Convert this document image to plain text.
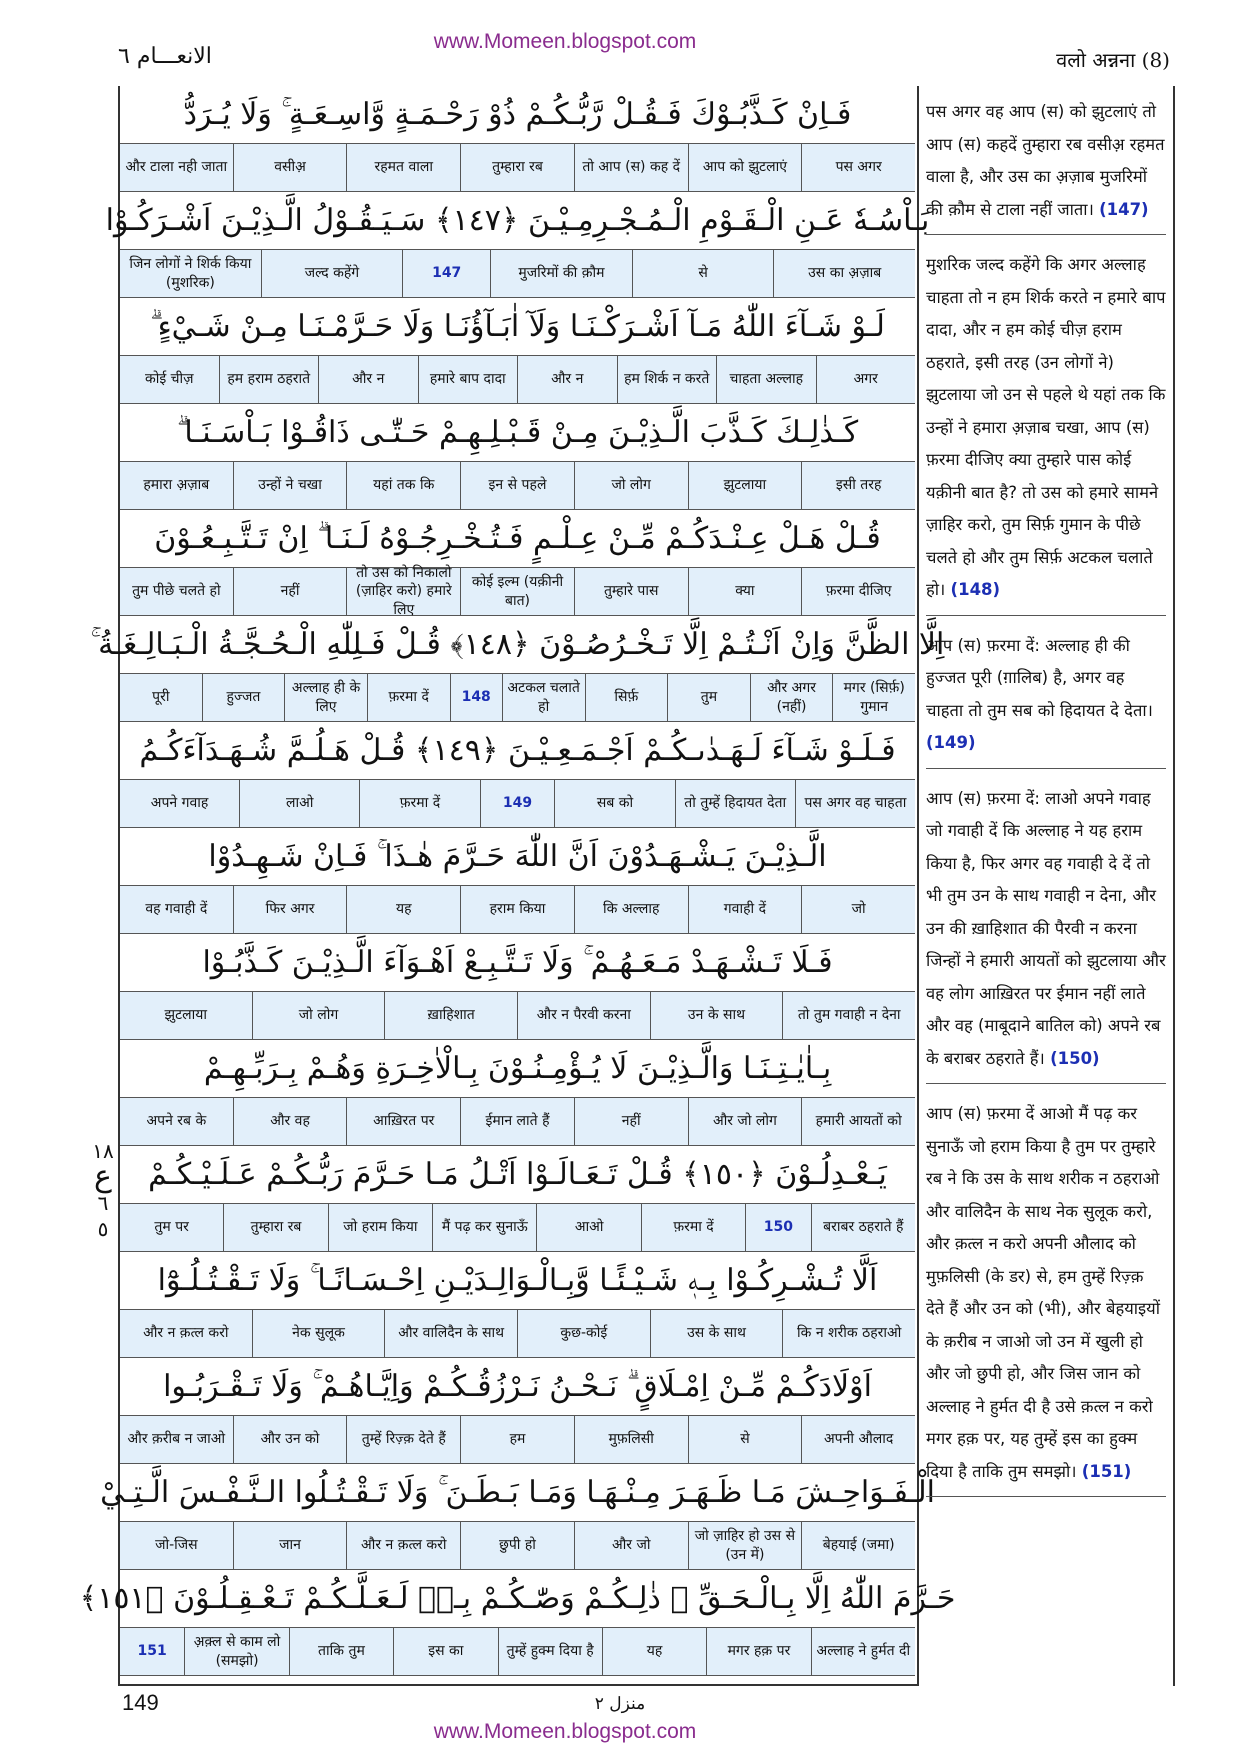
www.Momeen.blogspot.com
الانعـــام ٦	वलो अन्नना (8)
فَـاِنْ كَـذَّبُـوْكَ فَـقُـلْ رَّبُّـكُـمْ ذُوْ رَحْـمَـةٍ وَّاسِـعَـةٍ ۚ وَلَا يُـرَدُّ
पस अगर
आप को झुटलाएं
तो आप (स) कह दें
तुम्हारा रब
रहमत वाला
वसीअ़
और टाला नही जाता
بَـاْسُـهٗ عَـنِ الْـقَـوْمِ الْـمُـجْـرِمِـيْـنَ ﴿١٤٧﴾ سَـيَـقُـوْلُ الَّـذِيْـنَ اَشْـرَكُـوْا
उस का अ़ज़ाब
से
मुजरिमों की क़ौम
147
जल्द कहेंगे
जिन लोगों ने शिर्क किया (मुशरिक)
لَـوْ شَـآءَ اللّٰهُ مَـآ اَشْـرَكْـنَـا وَلَآ اٰبَـآؤُنَـا وَلَا حَـرَّمْـنَـا مِـنْ شَـيْءٍ ۗ
अगर
चाहता अल्लाह
हम शिर्क न करते
और न
हमारे बाप दादा
और न
हम हराम ठहराते
कोई चीज़
كَـذٰلِـكَ كَـذَّبَ الَّـذِيْـنَ مِـنْ قَـبْـلِـهِـمْ حَـتّٰـى ذَاقُـوْا بَـاْسَـنَـا ۗ
इसी तरह
झुटलाया
जो लोग
इन से पहले
यहां तक कि
उन्हों ने चखा
हमारा अ़ज़ाब
قُـلْ هَـلْ عِـنْـدَكُـمْ مِّـنْ عِـلْـمٍ فَـتُـخْـرِجُـوْهُ لَـنَـا ۗ اِنْ تَـتَّـبِـعُـوْنَ
फ़रमा दीजिए
क्या
तुम्हारे पास
कोई इल्म (यक़ीनी बात)
तो उस को निकालो (ज़ाहिर करो) हमारे लिए
नहीं
तुम पीछे चलते हो
اِلَّا الظَّنَّ وَاِنْ اَنْـتُـمْ اِلَّا تَـخْـرُصُـوْنَ ﴿١٤٨﴾ قُـلْ فَـلِلّٰهِ الْـحُـجَّـةُ الْـبَـالِـغَـةُ ۚ
मगर (सिर्फ़) गुमान
और अगर (नहीं)
तुम
सिर्फ़
अटकल चलाते हो
148
फ़रमा दें
अल्लाह ही के लिए
हुज्जत
पूरी
فَـلَـوْ شَـآءَ لَـهَـدٰىـكُـمْ اَجْـمَـعِـيْـنَ ﴿١٤٩﴾ قُـلْ هَـلُـمَّ شُـهَـدَآءَكُـمُ
पस अगर वह चाहता
तो तुम्हें हिदायत देता
सब को
149
फ़रमा दें
लाओ
अपने गवाह
الَّـذِيْـنَ يَـشْـهَـدُوْنَ اَنَّ اللّٰهَ حَـرَّمَ هٰـذَا ۚ فَـاِنْ شَـهِـدُوْا
जो
गवाही दें
कि अल्लाह
हराम किया
यह
फिर अगर
वह गवाही दें
فَـلَا تَـشْـهَـدْ مَـعَـهُـمْ ۚ وَلَا تَـتَّـبِـعْ اَهْـوَآءَ الَّـذِيْـنَ كَـذَّبُـوْا
तो तुम गवाही न देना
उन के साथ
और न पैरवी करना
ख़ाहिशात
जो लोग
झुटलाया
بِـاٰيٰـتِـنَـا وَالَّـذِيْـنَ لَا يُـؤْمِـنُـوْنَ بِـالْاٰخِـرَةِ وَهُـمْ بِـرَبِّـهِـمْ
हमारी आयतों को
और जो लोग
नहीं
ईमान लाते हैं
आख़िरत पर
और वह
अपने रब के
يَـعْـدِلُـوْنَ ﴿١٥٠﴾ قُـلْ تَـعَـالَـوْا اَتْـلُ مَـا حَـرَّمَ رَبُّـكُـمْ عَـلَـيْـكُـمْ
बराबर ठहराते हैं
150
फ़रमा दें
आओ
मैं पढ़ कर सुनाऊँ
जो हराम किया
तुम्हारा रब
तुम पर
اَلَّا تُـشْـرِكُـوْا بِـهٖ شَـيْـئًـا وَّبِـالْـوَالِـدَيْـنِ اِحْـسَـانًـا ۚ وَلَا تَـقْـتُـلُـوْٓا
कि न शरीक ठहराओ
उस के साथ
कुछ-कोई
और वालिदैन के साथ
नेक सुलूक
और न क़त्ल करो
اَوْلَادَكُـمْ مِّـنْ اِمْـلَاقٍ ۗ نَـحْـنُ نَـرْزُقُـكُـمْ وَاِيَّـاهُـمْ ۚ وَلَا تَـقْـرَبُـوا
अपनी औलाद
से
मुफ़लिसी
हम
तुम्हें रिज़्क़ देते हैं
और उन को
और क़रीब न जाओ
الْـفَـوَاحِـشَ مَـا ظَـهَـرَ مِـنْـهَـا وَمَـا بَـطَـنَ ۚ وَلَا تَـقْـتُـلُوا الـنَّـفْـسَ الَّـتِـيْ
बेहयाई (जमा)
जो ज़ाहिर हो उस से (उन में)
और जो
छुपी हो
और न क़त्ल करो
जान
जो-जिस
حَـرَّمَ اللّٰهُ اِلَّا بِـالْـحَـقِّ ۗ ذٰلِـكُـمْ وَصّٰـكُـمْ بِـهٖ لَـعَـلَّـكُـمْ تَـعْـقِـلُـوْنَ ﴿١٥١﴾
अल्लाह ने हुर्मत दी
मगर हक़ पर
यह
तुम्हें हुक्म दिया है
इस का
ताकि तुम
अ़क़्ल से काम लो (समझो)
151

पस अगर वह आप (स) को झुटलाएं तो आप (स) कहदें तुम्हारा रब वसीअ़ रहमत वाला है, और उस का अ़ज़ाब मुजरिमों की क़ौम से टाला नहीं जाता। (147)

मुशरिक जल्द कहेंगे कि अगर अल्लाह चाहता तो न हम शिर्क करते न हमारे बाप दादा, और न हम कोई चीज़ हराम ठहराते, इसी तरह (उन लोगों ने) झुटलाया जो उन से पहले थे यहां तक कि उन्हों ने हमारा अ़ज़ाब चखा, आप (स) फ़रमा दीजिए क्या तुम्हारे पास कोई यक़ीनी बात है? तो उस को हमारे सामने ज़ाहिर करो, तुम सिर्फ़ गुमान के पीछे चलते हो और तुम सिर्फ़ अटकल चलाते हो। (148)

आप (स) फ़रमा दें: अल्लाह ही की हुज्जत पूरी (ग़ालिब) है, अगर वह चाहता तो तुम सब को हिदायत दे देता। (149)

आप (स) फ़रमा दें: लाओ अपने गवाह जो गवाही दें कि अल्लाह ने यह हराम किया है, फिर अगर वह गवाही दे दें तो भी तुम उन के साथ गवाही न देना, और उन की ख़ाहिशात की पैरवी न करना जिन्हों ने हमारी आयतों को झुटलाया और वह लोग आख़िरत पर ईमान नहीं लाते और वह (माबूदाने बातिल को) अपने रब के बराबर ठहराते हैं। (150)

आप (स) फ़रमा दें आओ मैं पढ़ कर सुनाऊँ जो हराम किया है तुम पर तुम्हारे रब ने कि उस के साथ शरीक न ठहराओ और वालिदैन के साथ नेक सुलूक करो, और क़त्ल न करो अपनी औलाद को मुफ़लिसी (के डर) से, हम तुम्हें रिज़्क़ देते हैं और उन को (भी), और बेहयाइयों के क़रीब न जाओ जो उन में खुली हो और जो छुपी हो, और जिस जान को अल्लाह ने हुर्मत दी है उसे क़त्ल न करो मगर हक़ पर, यह तुम्हें इस का हुक्म दिया है ताकि तुम समझो। (151)

١٨
ع
٦
٥
149	منزل ٢
www.Momeen.blogspot.com
